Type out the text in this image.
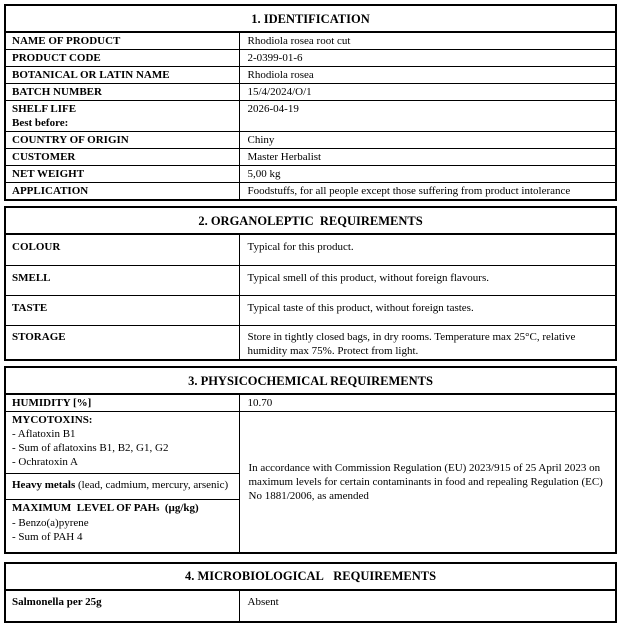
1. IDENTIFICATION	
NAME OF PRODUCT	Rhodiola rosea root cut
PRODUCT CODE	2-0399-01-6
BOTANICAL OR LATIN NAME	Rhodiola rosea
BATCH NUMBER	15/4/2024/O/1

SHELF LIFE
Best before:	2026-04-19
COUNTRY OF ORIGIN	Chiny
CUSTOMER	Master Herbalist
NET WEIGHT	5,00 kg
APPLICATION	Foodstuffs, for all people except those suffering from product intolerance
2. ORGANOLEPTIC  REQUIREMENTS	
COLOUR	Typical for this product.
SMELL	Typical smell of this product, without foreign flavours.
TASTE	Typical taste of this product, without foreign tastes.
STORAGE	Store in tightly closed bags, in dry rooms. Temperature max 25°C, relative humidity max 75%. Protect from light.
3. PHYSICOCHEMICAL REQUIREMENTS	
HUMIDITY [%]	10.70

MYCOTOXINS:
- Aflatoxin B1
- Sum of aflatoxins B1, B2, G1, G2
- Ochratoxin A	In accordance with Commission Regulation (EU) 2023/915 of 25 April 2023 on maximum levels for certain contaminants in food and repealing Regulation (EC) No 1881/2006, as amended
Heavy metals (lead, cadmium, mercury, arsenic)	

MAXIMUM  LEVEL OF PAHs  (µg/kg)
- Benzo(a)pyrene
- Sum of PAH 4	
4. MICROBIOLOGICAL   REQUIREMENTS
Salmonella per 25g	Absent
